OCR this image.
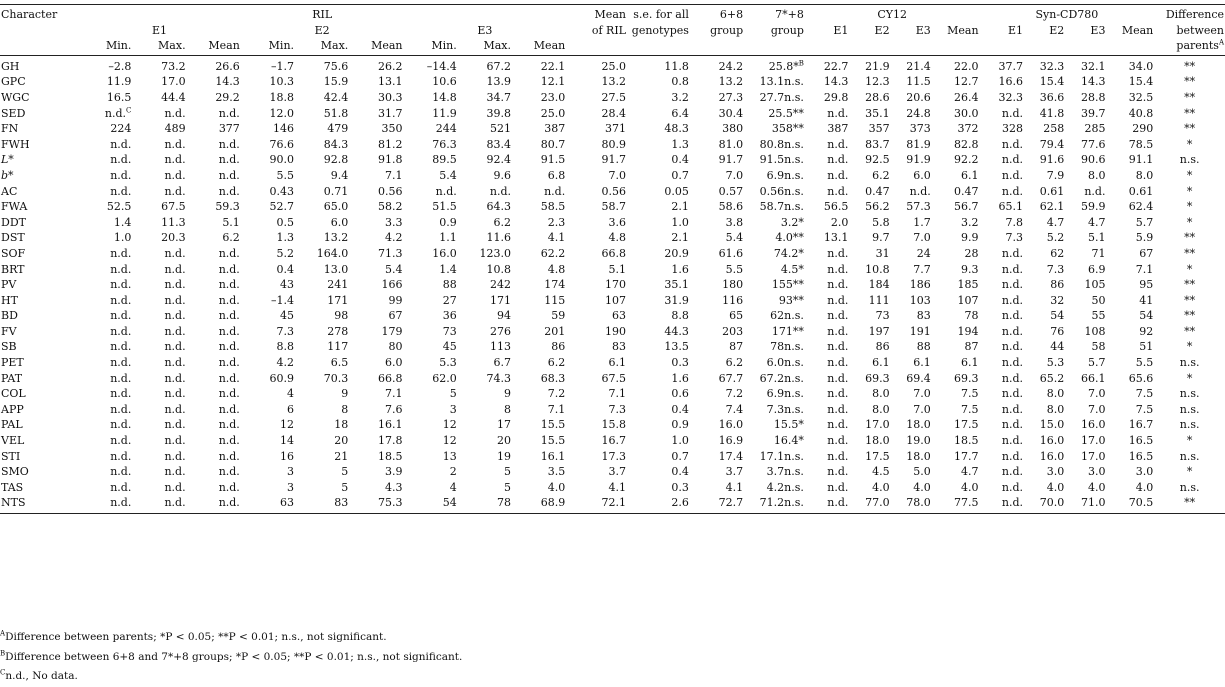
Character	RIL									Mean	s.e. for all	6+8	7*+8	CY12				Syn-CD780				Difference
	E1			E2			E3			of RIL	genotypes	group	group	E1	E2	E3	Mean	E1	E2	E3	Mean	between
	Min.	Max.	Mean	Min.	Max.	Mean	Min.	Max.	Mean													parents$^A$
GH	–2.8	73.2	26.6	–1.7	75.6	26.2	–14.4	67.2	22.1	25.0	11.8	24.2	25.8*$^B$	22.7	21.9	21.4	22.0	37.7	32.3	32.1	34.0	**
GPC	11.9	17.0	14.3	10.3	15.9	13.1	10.6	13.9	12.1	13.2	0.8	13.2	13.1n.s.	14.3	12.3	11.5	12.7	16.6	15.4	14.3	15.4	**
WGC	16.5	44.4	29.2	18.8	42.4	30.3	14.8	34.7	23.0	27.5	3.2	27.3	27.7n.s.	29.8	28.6	20.6	26.4	32.3	36.6	28.8	32.5	**
SED	n.d.$^C$	n.d.	n.d.	12.0	51.8	31.7	11.9	39.8	25.0	28.4	6.4	30.4	25.5**	n.d.	35.1	24.8	30.0	n.d.	41.8	39.7	40.8	**
FN	224	489	377	146	479	350	244	521	387	371	48.3	380	358**	387	357	373	372	328	258	285	290	**
FWH	n.d.	n.d.	n.d.	76.6	84.3	81.2	76.3	83.4	80.7	80.9	1.3	81.0	80.8n.s.	n.d.	83.7	81.9	82.8	n.d.	79.4	77.6	78.5	*
L*	n.d.	n.d.	n.d.	90.0	92.8	91.8	89.5	92.4	91.5	91.7	0.4	91.7	91.5n.s.	n.d.	92.5	91.9	92.2	n.d.	91.6	90.6	91.1	n.s.
b*	n.d.	n.d.	n.d.	5.5	9.4	7.1	5.4	9.6	6.8	7.0	0.7	7.0	6.9n.s.	n.d.	6.2	6.0	6.1	n.d.	7.9	8.0	8.0	*
AC	n.d.	n.d.	n.d.	0.43	0.71	0.56	n.d.	n.d.	n.d.	0.56	0.05	0.57	0.56n.s.	n.d.	0.47	n.d.	0.47	n.d.	0.61	n.d.	0.61	*
FWA	52.5	67.5	59.3	52.7	65.0	58.2	51.5	64.3	58.5	58.7	2.1	58.6	58.7n.s.	56.5	56.2	57.3	56.7	65.1	62.1	59.9	62.4	*
DDT	1.4	11.3	5.1	0.5	6.0	3.3	0.9	6.2	2.3	3.6	1.0	3.8	3.2*	2.0	5.8	1.7	3.2	7.8	4.7	4.7	5.7	*
DST	1.0	20.3	6.2	1.3	13.2	4.2	1.1	11.6	4.1	4.8	2.1	5.4	4.0**	13.1	9.7	7.0	9.9	7.3	5.2	5.1	5.9	**
SOF	n.d.	n.d.	n.d.	5.2	164.0	71.3	16.0	123.0	62.2	66.8	20.9	61.6	74.2*	n.d.	31	24	28	n.d.	62	71	67	**
BRT	n.d.	n.d.	n.d.	0.4	13.0	5.4	1.4	10.8	4.8	5.1	1.6	5.5	4.5*	n.d.	10.8	7.7	9.3	n.d.	7.3	6.9	7.1	*
PV	n.d.	n.d.	n.d.	43	241	166	88	242	174	170	35.1	180	155**	n.d.	184	186	185	n.d.	86	105	95	**
HT	n.d.	n.d.	n.d.	–1.4	171	99	27	171	115	107	31.9	116	93**	n.d.	111	103	107	n.d.	32	50	41	**
BD	n.d.	n.d.	n.d.	45	98	67	36	94	59	63	8.8	65	62n.s.	n.d.	73	83	78	n.d.	54	55	54	**
FV	n.d.	n.d.	n.d.	7.3	278	179	73	276	201	190	44.3	203	171**	n.d.	197	191	194	n.d.	76	108	92	**
SB	n.d.	n.d.	n.d.	8.8	117	80	45	113	86	83	13.5	87	78n.s.	n.d.	86	88	87	n.d.	44	58	51	*
PET	n.d.	n.d.	n.d.	4.2	6.5	6.0	5.3	6.7	6.2	6.1	0.3	6.2	6.0n.s.	n.d.	6.1	6.1	6.1	n.d.	5.3	5.7	5.5	n.s.
PAT	n.d.	n.d.	n.d.	60.9	70.3	66.8	62.0	74.3	68.3	67.5	1.6	67.7	67.2n.s.	n.d.	69.3	69.4	69.3	n.d.	65.2	66.1	65.6	*
COL	n.d.	n.d.	n.d.	4	9	7.1	5	9	7.2	7.1	0.6	7.2	6.9n.s.	n.d.	8.0	7.0	7.5	n.d.	8.0	7.0	7.5	n.s.
APP	n.d.	n.d.	n.d.	6	8	7.6	3	8	7.1	7.3	0.4	7.4	7.3n.s.	n.d.	8.0	7.0	7.5	n.d.	8.0	7.0	7.5	n.s.
PAL	n.d.	n.d.	n.d.	12	18	16.1	12	17	15.5	15.8	0.9	16.0	15.5*	n.d.	17.0	18.0	17.5	n.d.	15.0	16.0	16.7	n.s.
VEL	n.d.	n.d.	n.d.	14	20	17.8	12	20	15.5	16.7	1.0	16.9	16.4*	n.d.	18.0	19.0	18.5	n.d.	16.0	17.0	16.5	*
STI	n.d.	n.d.	n.d.	16	21	18.5	13	19	16.1	17.3	0.7	17.4	17.1n.s.	n.d.	17.5	18.0	17.7	n.d.	16.0	17.0	16.5	n.s.
SMO	n.d.	n.d.	n.d.	3	5	3.9	2	5	3.5	3.7	0.4	3.7	3.7n.s.	n.d.	4.5	5.0	4.7	n.d.	3.0	3.0	3.0	*
TAS	n.d.	n.d.	n.d.	3	5	4.3	4	5	4.0	4.1	0.3	4.1	4.2n.s.	n.d.	4.0	4.0	4.0	n.d.	4.0	4.0	4.0	n.s.
NTS	n.d.	n.d.	n.d.	63	83	75.3	54	78	68.9	72.1	2.6	72.7	71.2n.s.	n.d.	77.0	78.0	77.5	n.d.	70.0	71.0	70.5	**
$^A$Difference between parents; *P < 0.05; **P < 0.01; n.s., not significant.
$^B$Difference between 6+8 and 7*+8 groups; *P < 0.05; **P < 0.01; n.s., not significant.
$^C$n.d., No data.
